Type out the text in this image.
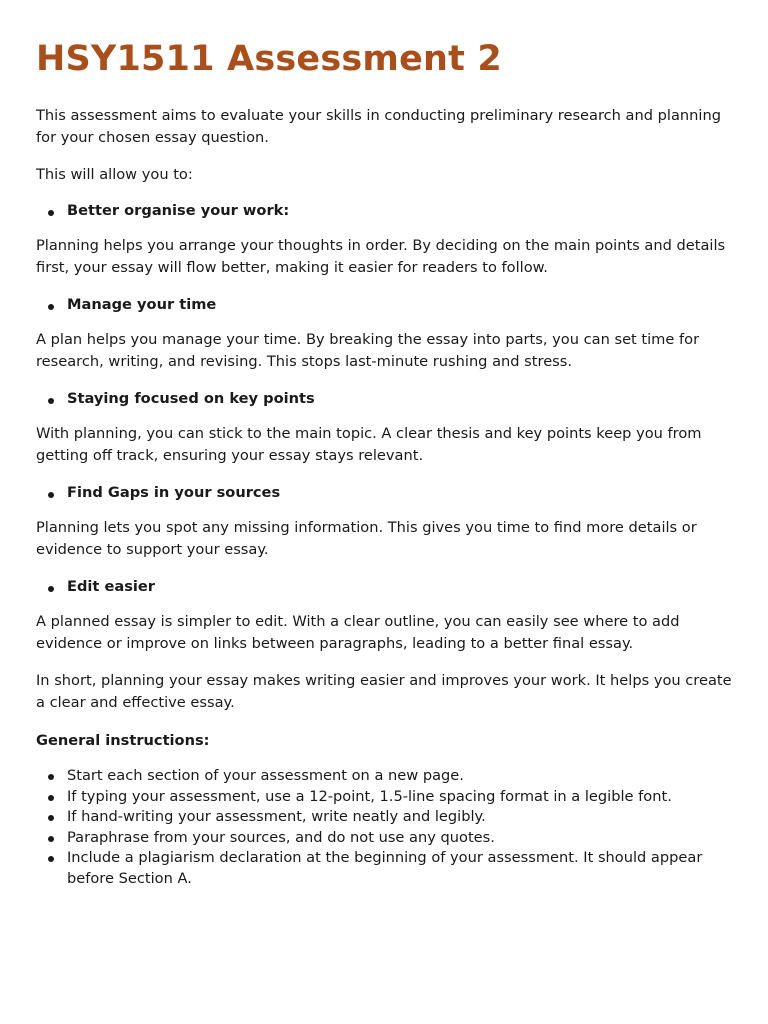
HSY1511 Assessment 2

This assessment aims to evaluate your skills in conducting preliminary research and planning for your chosen essay question.

This will allow you to:

Better organise your work:

Planning helps you arrange your thoughts in order. By deciding on the main points and details first, your essay will flow better, making it easier for readers to follow.

Manage your time

A plan helps you manage your time. By breaking the essay into parts, you can set time for research, writing, and revising. This stops last-minute rushing and stress.

Staying focused on key points

With planning, you can stick to the main topic. A clear thesis and key points keep you from getting off track, ensuring your essay stays relevant.

Find Gaps in your sources

Planning lets you spot any missing information. This gives you time to find more details or evidence to support your essay.

Edit easier

A planned essay is simpler to edit. With a clear outline, you can easily see where to add evidence or improve on links between paragraphs, leading to a better final essay.

In short, planning your essay makes writing easier and improves your work. It helps you create a clear and effective essay.

General instructions:
Start each section of your assessment on a new page.
If typing your assessment, use a 12-point, 1.5-line spacing format in a legible font.
If hand-writing your assessment, write neatly and legibly.
Paraphrase from your sources, and do not use any quotes.
Include a plagiarism declaration at the beginning of your assessment. It should appear before Section A.
